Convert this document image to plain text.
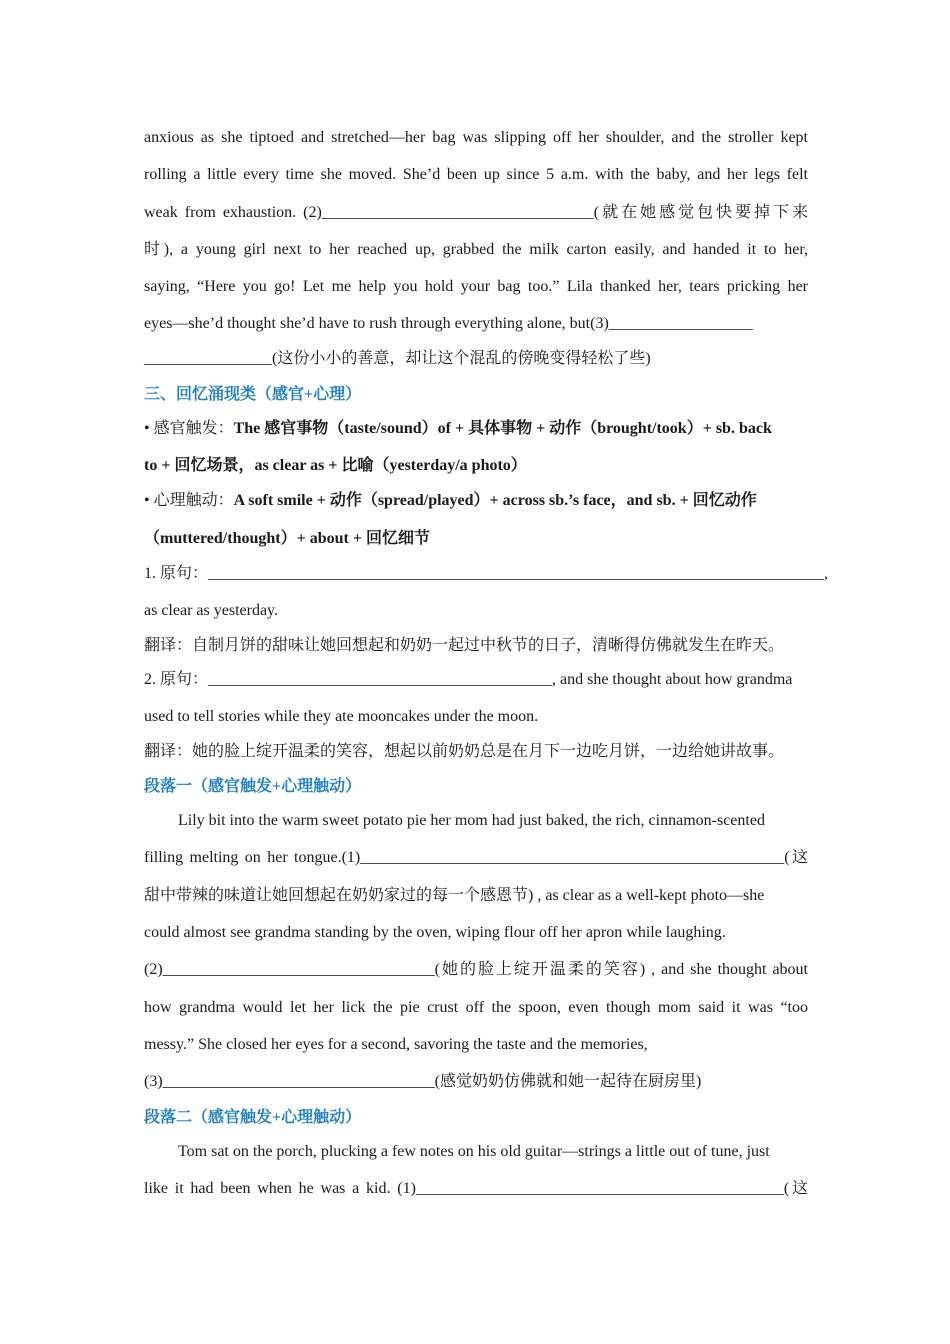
anxious as she tiptoed and stretched—her bag was slipping off her shoulder, and the stroller kept
rolling a little every time she moved. She’d been up since 5 a.m. with the baby, and her legs felt
weak from exhaustion. (2)__________________________________(就在她感觉包快要掉下来
时), a young girl next to her reached up, grabbed the milk carton easily, and handed it to her,
saying, “Here you go! Let me help you hold your bag too.” Lila thanked her, tears pricking her
eyes—she’d thought she’d have to rush through everything alone, but(3)__________________
________________(这份小小的善意，却让这个混乱的傍晚变得轻松了些)
三、回忆涌现类（感官+心理）
• 感官触发：The 感官事物（taste/sound）of + 具体事物 + 动作（brought/took）+ sb. back
to + 回忆场景，as clear as + 比喻（yesterday/a photo）
• 心理触动：A soft smile + 动作（spread/played）+ across sb.’s face，and sb. + 回忆动作
（muttered/thought）+ about + 回忆细节
1. 原句：_____________________________________________________________________________,
as clear as yesterday.
翻译：自制月饼的甜味让她回想起和奶奶一起过中秋节的日子，清晰得仿佛就发生在昨天。
2. 原句：___________________________________________, and she thought about how grandma
used to tell stories while they ate mooncakes under the moon.
翻译：她的脸上绽开温柔的笑容，想起以前奶奶总是在月下一边吃月饼，一边给她讲故事。
段落一（感官触发+心理触动）
Lily bit into the warm sweet potato pie her mom had just baked, the rich, cinnamon-scented
filling melting on her tongue.(1)_____________________________________________________(这
甜中带辣的味道让她回想起在奶奶家过的每一个感恩节) , as clear as a well-kept photo—she
could almost see grandma standing by the oven, wiping flour off her apron while laughing.
(2)__________________________________(她的脸上绽开温柔的笑容) , and she thought about
how grandma would let her lick the pie crust off the spoon, even though mom said it was “too
messy.” She closed her eyes for a second, savoring the taste and the memories,
(3)__________________________________(感觉奶奶仿佛就和她一起待在厨房里)
段落二（感官触发+心理触动）
Tom sat on the porch, plucking a few notes on his old guitar—strings a little out of tune, just
like it had been when he was a kid. (1)______________________________________________(这
